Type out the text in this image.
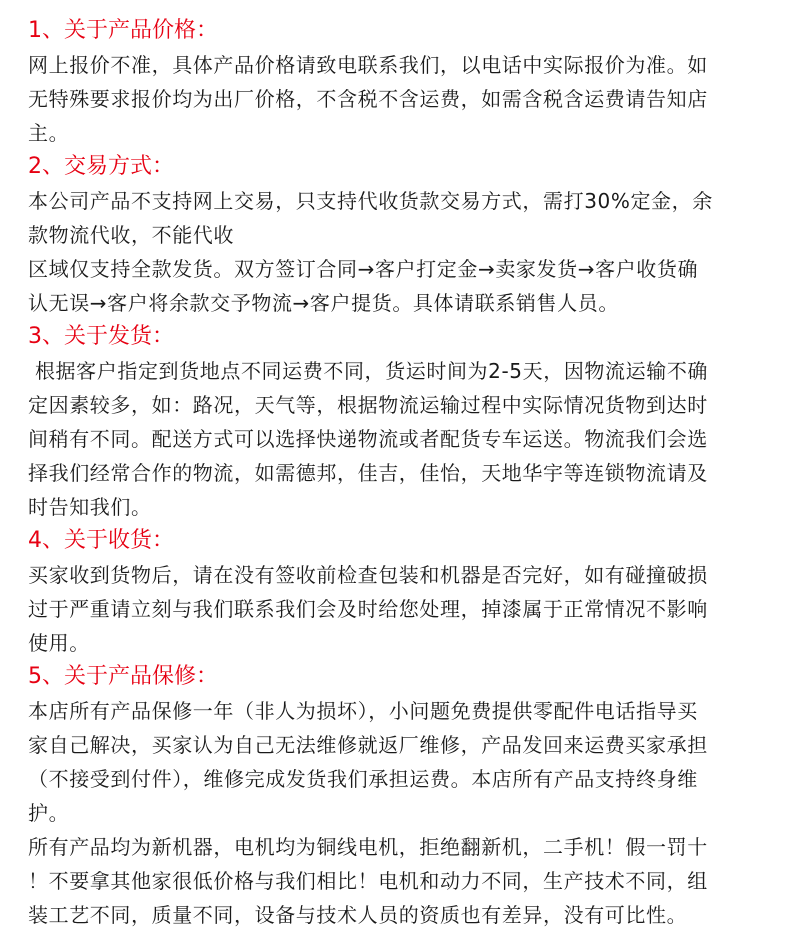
1、关于产品价格：

网上报价不准，具体产品价格请致电联系我们，以电话中实际报价为准。如
无特殊要求报价均为出厂价格，不含税不含运费，如需含税含运费请告知店
主。

2、交易方式：

本公司产品不支持网上交易，只支持代收货款交易方式，需打30%定金，余
款物流代收，不能代收
区域仅支持全款发货。双方签订合同→客户打定金→卖家发货→客户收货确
认无误→客户将余款交予物流→客户提货。具体请联系销售人员。

3、关于发货：

根据客户指定到货地点不同运费不同，货运时间为2-5天，因物流运输不确
定因素较多，如：路况，天气等，根据物流运输过程中实际情况货物到达时
间稍有不同。配送方式可以选择快递物流或者配货专车运送。物流我们会选
择我们经常合作的物流，如需德邦，佳吉，佳怡，天地华宇等连锁物流请及
时告知我们。

4、关于收货：

买家收到货物后，请在没有签收前检查包装和机器是否完好，如有碰撞破损
过于严重请立刻与我们联系我们会及时给您处理，掉漆属于正常情况不影响
使用。

5、关于产品保修：

本店所有产品保修一年（非人为损坏），小问题免费提供零配件电话指导买
家自己解决，买家认为自己无法维修就返厂维修，产品发回来运费买家承担
（不接受到付件），维修完成发货我们承担运费。本店所有产品支持终身维
护。
所有产品均为新机器，电机均为铜线电机，拒绝翻新机，二手机！假一罚十
！不要拿其他家很低价格与我们相比！电机和动力不同，生产技术不同，组
装工艺不同，质量不同，设备与技术人员的资质也有差异，没有可比性。
